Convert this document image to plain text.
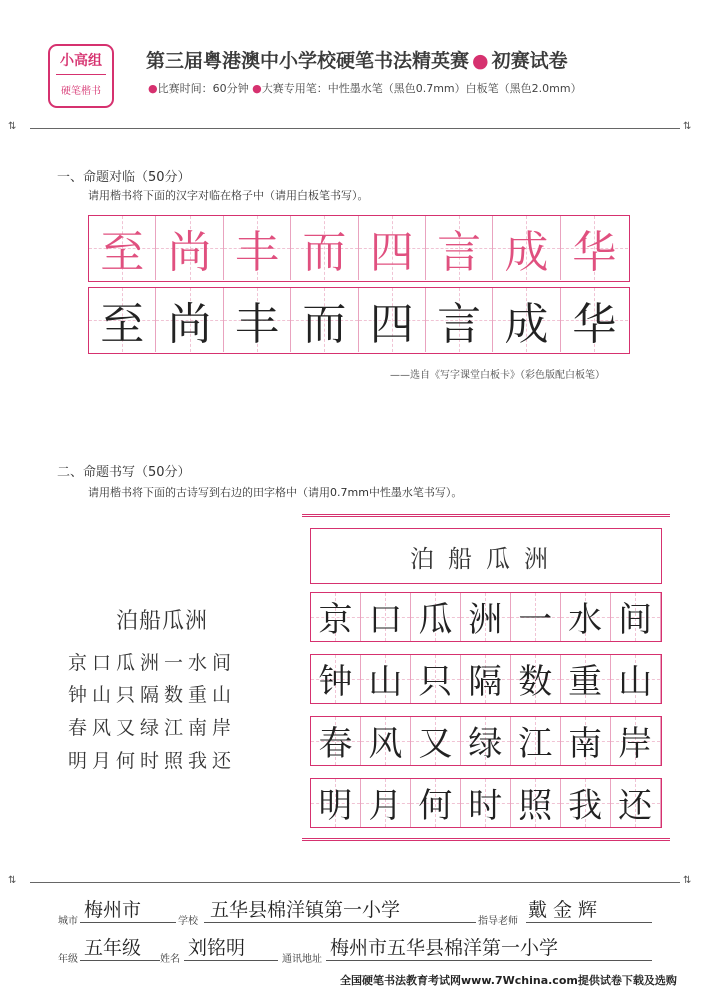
小高组
硬笔楷书
第三届粤港澳中小学校硬笔书法精英赛 ● 初赛试卷
●比赛时间：60分钟 ●大赛专用笔：中性墨水笔（黑色0.7mm）白板笔（黑色2.0mm）
⇅	⇅
一、命题对临（50分）
请用楷书将下面的汉字对临在格子中（请用白板笔书写）。
至 尚 丰 而 四 言 成 华
至 尚 丰 而 四 言 成 华
——选自《写字课堂白板卡》（彩色版配白板笔）
二、命题书写（50分）
请用楷书将下面的古诗写到右边的田字格中（请用0.7mm中性墨水笔书写）。
泊船瓜洲
京口瓜洲一水间
钟山只隔数重山
春风又绿江南岸
明月何时照我还
泊船瓜洲
京 口 瓜 洲 一 水 间
钟 山 只 隔 数 重 山
春 风 又 绿 江 南 岸
明 月 何 时 照 我 还
⇅	⇅
城市
梅州市
学校
五华县棉洋镇第一小学
指导老师
戴金辉
年级
五年级
姓名
刘铭明
通讯地址
梅州市五华县棉洋第一小学
全国硬笔书法教育考试网www.7Wchina.com提供试卷下载及选购
